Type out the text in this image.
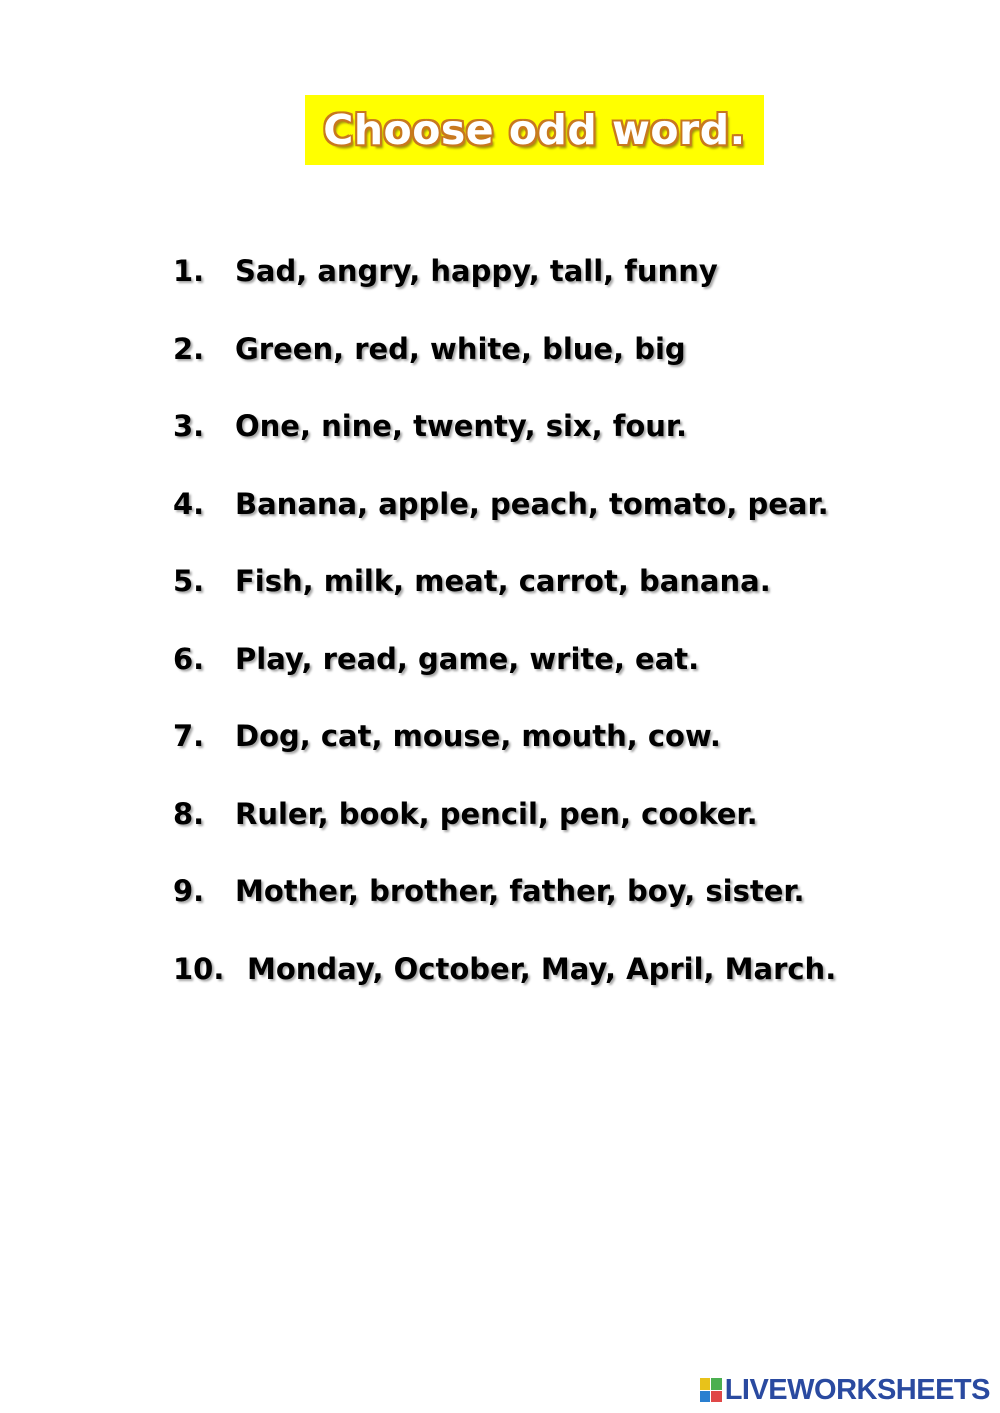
Choose odd word.
1.	Sad, angry, happy, tall, funny
2.	Green, red, white, blue, big
3.	One, nine, twenty, six, four.
4.	Banana, apple, peach, tomato, pear.
5.	Fish, milk, meat, carrot, banana.
6.	Play, read, game, write, eat.
7.	Dog, cat, mouse, mouth, cow.
8.	Ruler, book, pencil, pen, cooker.
9.	Mother, brother, father, boy, sister.
10. Monday, October, May, April, March.
LIVEWORKSHEETS
